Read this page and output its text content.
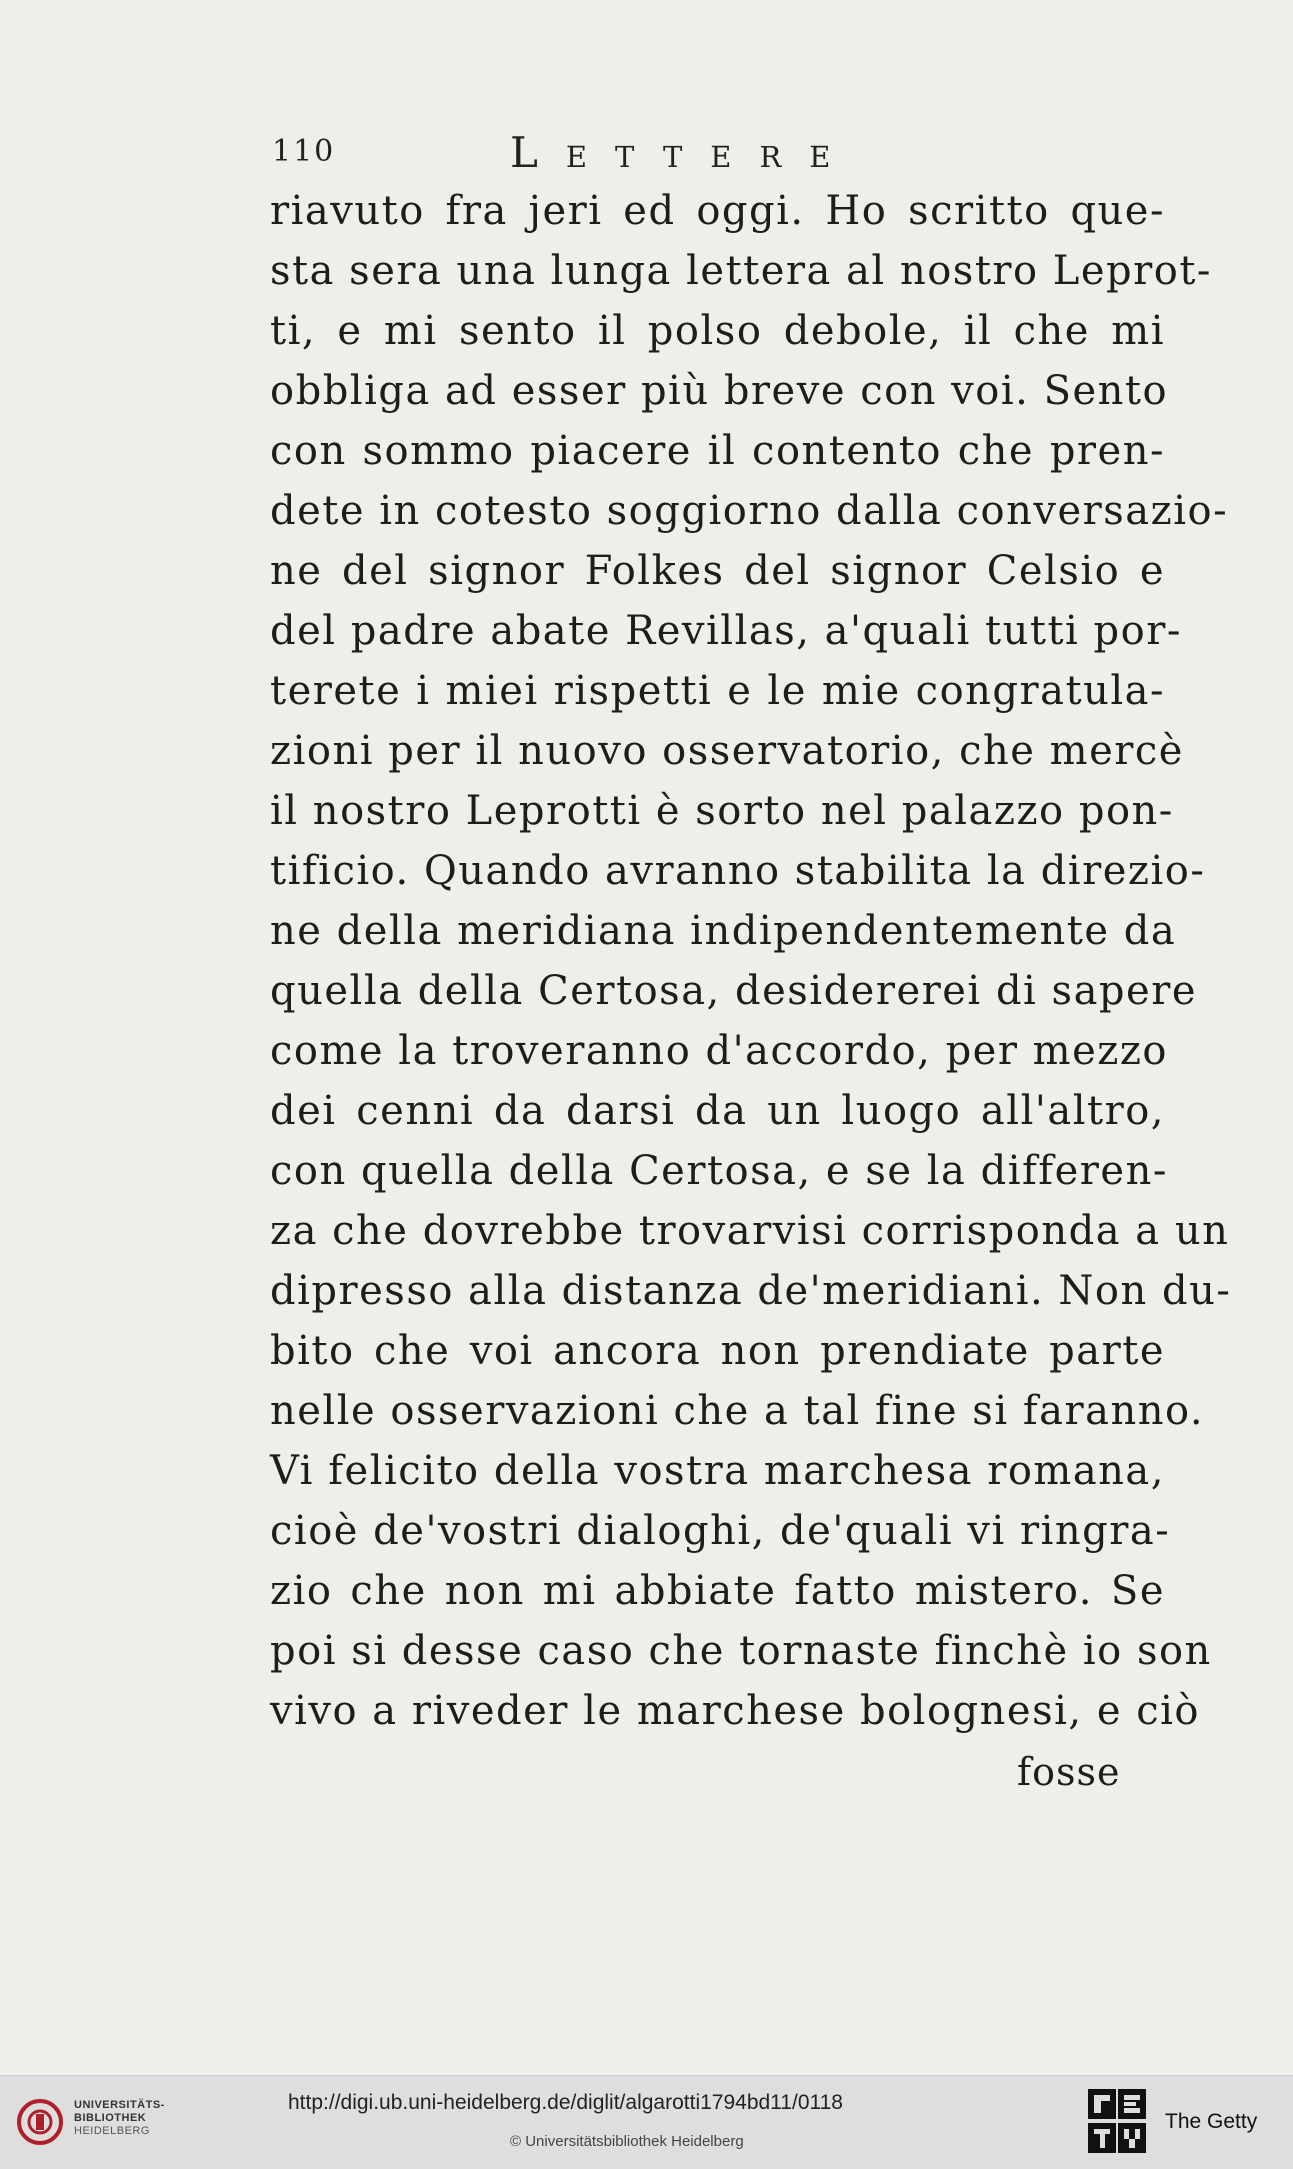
110	Lettere
riavuto fra jeri ed oggi. Ho scritto que-
sta sera una lunga lettera al nostro Leprot-
ti, e mi sento il polso debole, il che mi
obbliga ad esser più breve con voi. Sento
con sommo piacere il contento che pren-
dete in cotesto soggiorno dalla conversazio-
ne del signor Folkes del signor Celsio e
del padre abate Revillas, a'quali tutti por-
terete i miei rispetti e le mie congratula-
zioni per il nuovo osservatorio, che mercè
il nostro Leprotti è sorto nel palazzo pon-
tificio. Quando avranno stabilita la direzio-
ne della meridiana indipendentemente da
quella della Certosa, desidererei di sapere
come la troveranno d'accordo, per mezzo
dei cenni da darsi da un luogo all'altro,
con quella della Certosa, e se la differen-
za che dovrebbe trovarvisi corrisponda a un
dipresso alla distanza de'meridiani. Non du-
bito che voi ancora non prendiate parte
nelle osservazioni che a tal fine si faranno.
Vi felicito della vostra marchesa romana,
cioè de'vostri dialoghi, de'quali vi ringra-
zio che non mi abbiate fatto mistero. Se
poi si desse caso che tornaste finchè io son
vivo a riveder le marchese bolognesi, e ciò
fosse
UNIVERSITÄTS-
BIBLIOTHEK
HEIDELBERG
http://digi.ub.uni-heidelberg.de/diglit/algarotti1794bd11/0118
© Universitätsbibliothek Heidelberg
The Getty
